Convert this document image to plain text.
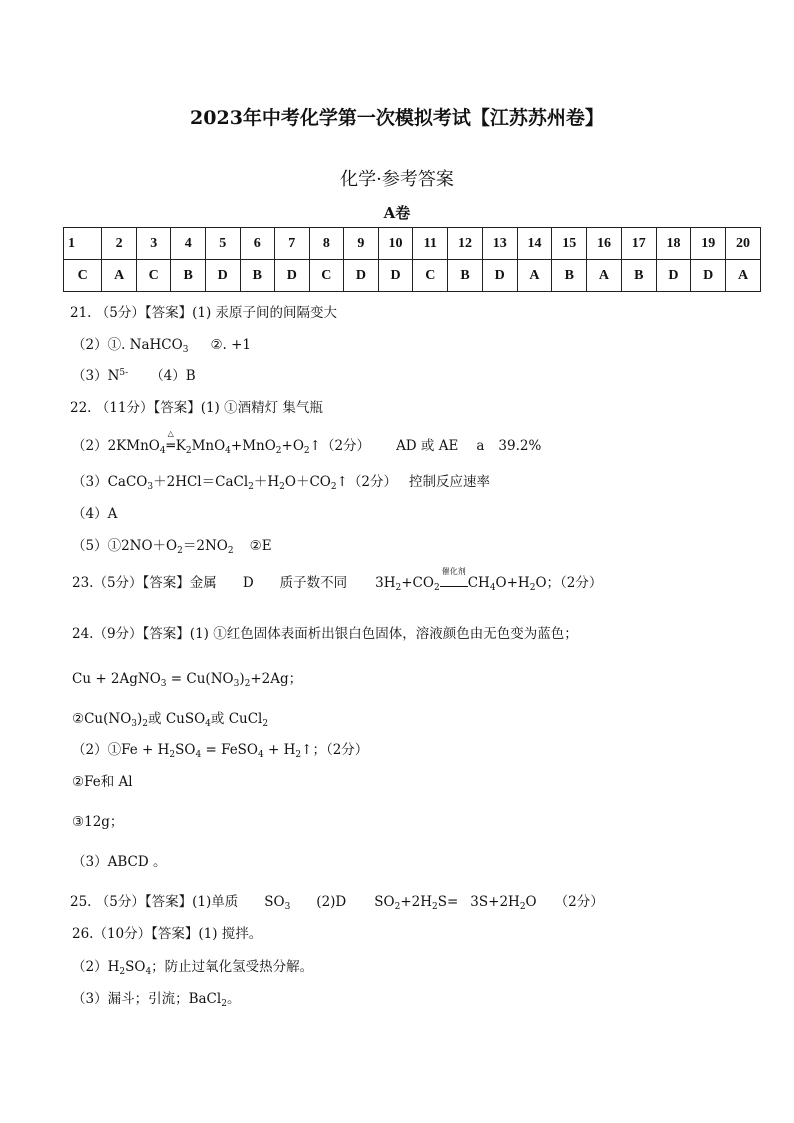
2023年中考化学第一次模拟考试【江苏苏州卷】
化学·参考答案
A卷
1	2	3	4	5	6	7	8	9	10	11	12	13	14	15	16	17	18	19	20
C	A	C	B	D	B	D	C	D	D	C	B	D	A	B	A	B	D	D	A
21. （5分）【答案】(1) 汞原子间的间隔变大
（2）①. NaHCO$_3$ ②. +1
$(3)N^{5-}$ （4）B
22. （11分）【答案】(1) ①酒精灯 集气瓶
（2）2KMnO$_4$
△
$═K_2MnO_4+MnO_2+O_2↑(2$分） AD 或 AE a 39.2%
$(3)CaCO_3+2HCl=CaCl_2+H_2O+CO_2↑(2$分） 控制反应速率
（4）A
$(5)①2NO+O_2=2NO_2$ ②E
23.（5分）【答案】金属 D 质子数不同 $3H_2+CO_2$
催化剂
$CH_4O+H_2O$；（2分）
24.（9分）【答案】(1) ①红色固体表面析出银白色固体，溶液颜色由无色变为蓝色；
Cu + 2AgNO$_3$ = $Cu(NO_3)_2+2Ag$；
$②Cu(NO_3)_2$或 CuSO$_4$或 CuCl$_2$
（2）①Fe + $H_2SO_4$ = FeSO$_4$ + $H_2↑$；（2分）
②Fe和 Al
③12g；
（3）ABCD 。
25. （5分）【答案】(1)单质 $SO_3$ (2)D $SO_2+2H_2S= 3S+2H_2O$ （2分）
26.（10分）【答案】(1) 搅拌。
$(2)H_2SO_4$；防止过氧化氢受热分解。
（3）漏斗；引流；BaCl$_2$。
